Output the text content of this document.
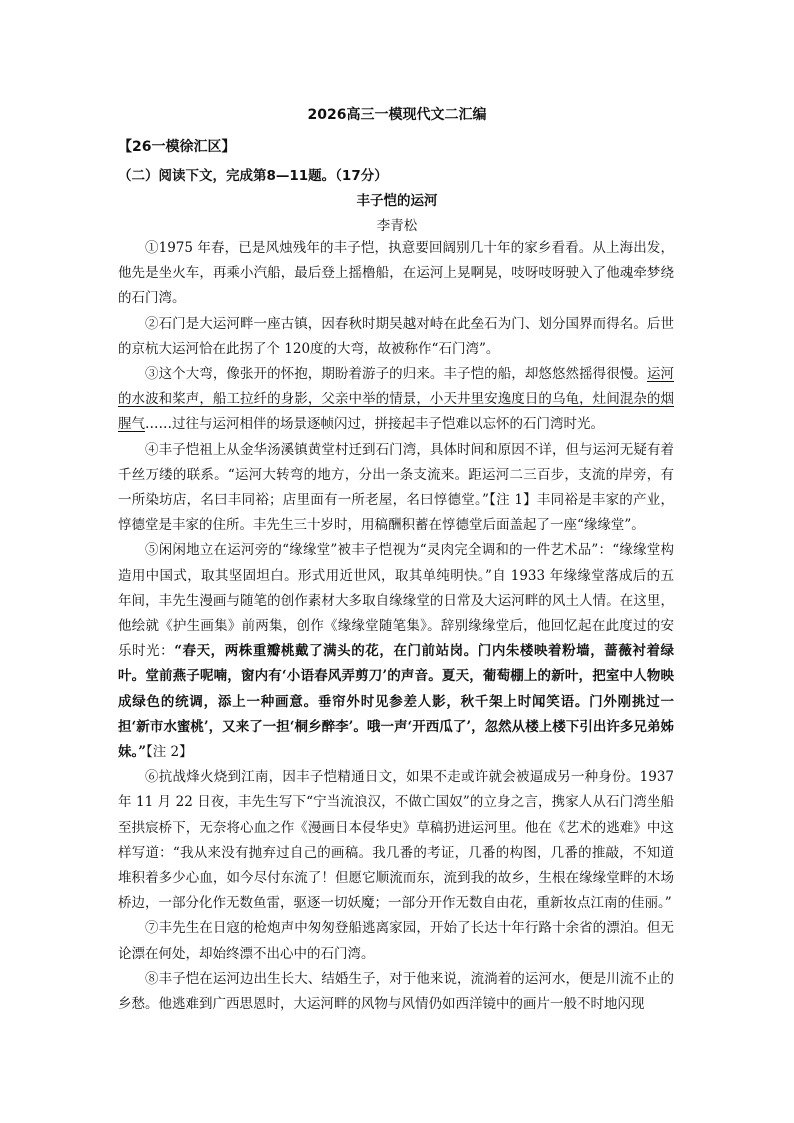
2026高三一模现代文二汇编
【26一模徐汇区】
（二）阅读下文，完成第8—11题。（17分）
丰子恺的运河
李青松

①1975 年春，已是风烛残年的丰子恺，执意要回阔别几十年的家乡看看。从上海出发，他先是坐火车，再乘小汽船，最后登上摇橹船，在运河上晃啊晃，吱呀吱呀驶入了他魂牵梦绕的石门湾。

②石门是大运河畔一座古镇，因春秋时期吴越对峙在此垒石为门、划分国界而得名。后世的京杭大运河恰在此拐了个 120度的大弯，故被称作“石门湾”。

③这个大弯，像张开的怀抱，期盼着游子的归来。丰子恺的船，却悠悠然摇得很慢。运河的水波和桨声，船工拉纤的身影，父亲中举的情景，小天井里安逸度日的乌龟，灶间混杂的烟腥气……过往与运河相伴的场景逐帧闪过，拼接起丰子恺难以忘怀的石门湾时光。

④丰子恺祖上从金华汤溪镇黄堂村迁到石门湾，具体时间和原因不详，但与运河无疑有着千丝万缕的联系。“运河大转弯的地方，分出一条支流来。距运河二三百步，支流的岸旁，有一所染坊店，名曰丰同裕；店里面有一所老屋，名曰惇德堂。”【注 1】丰同裕是丰家的产业，惇德堂是丰家的住所。丰先生三十岁时，用稿酬积蓄在惇德堂后面盖起了一座“缘缘堂”。

⑤闲闲地立在运河旁的“缘缘堂”被丰子恺视为“灵肉完全调和的一件艺术品”：“缘缘堂构造用中国式，取其坚固坦白。形式用近世风，取其单纯明快。”自 1933 年缘缘堂落成后的五年间，丰先生漫画与随笔的创作素材大多取自缘缘堂的日常及大运河畔的风土人情。在这里，他绘就《护生画集》前两集，创作《缘缘堂随笔集》。辞别缘缘堂后，他回忆起在此度过的安乐时光：“春天，两株重瓣桃戴了满头的花，在门前站岗。门内朱楼映着粉墙，蔷薇衬着绿叶。堂前燕子呢喃，窗内有‘小语春风弄剪刀’的声音。夏天，葡萄棚上的新叶，把室中人物映成绿色的统调，添上一种画意。垂帘外时见参差人影，秋千架上时闻笑语。门外刚挑过一担‘新市水蜜桃’，又来了一担‘桐乡醉李’。哦一声‘开西瓜了’，忽然从楼上楼下引出许多兄弟姊妹。”【注 2】

⑥抗战烽火烧到江南，因丰子恺精通日文，如果不走或许就会被逼成另一种身份。1937 年 11 月 22 日夜，丰先生写下“宁当流浪汉，不做亡国奴”的立身之言，携家人从石门湾坐船至拱宸桥下，无奈将心血之作《漫画日本侵华史》草稿扔进运河里。他在《艺术的逃难》中这样写道：“我从来没有抛弃过自己的画稿。我几番的考证，几番的构图，几番的推敲，不知道堆积着多少心血，如今尽付东流了！但愿它顺流而东，流到我的故乡，生根在缘缘堂畔的木场桥边，一部分化作无数鱼雷，驱逐一切妖魔；一部分开作无数自由花，重新妆点江南的佳丽。”

⑦丰先生在日寇的枪炮声中匆匆登船逃离家园，开始了长达十年行路十余省的漂泊。但无论漂在何处，却始终漂不出心中的石门湾。

⑧丰子恺在运河边出生长大、结婚生子，对于他来说，流淌着的运河水，便是川流不止的乡愁。他逃难到广西思恩时，大运河畔的风物与风情仍如西洋镜中的画片一般不时地闪现
